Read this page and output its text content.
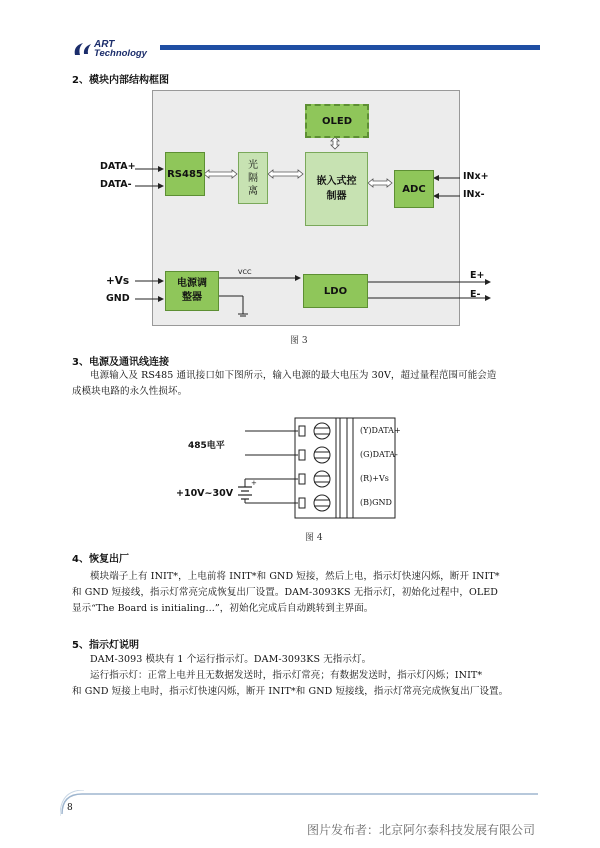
ART
Technology
2、模块内部结构框图
DATA+
DATA-
RS485
光
隔
离
OLED
嵌入式控
制器
ADC
INx+
INx-
+Vs
GND
电源调
整器
VCC
LDO
E+
E-
图 3
3、电源及通讯线连接
电源输入及 RS485 通讯接口如下图所示，输入电源的最大电压为 30V，超过量程范围可能会造
成模块电路的永久性损坏。
+
485电平
+10V~30V
(Y)DATA+
(G)DATA-
(R)+Vs
(B)GND
图 4
4、恢复出厂
模块端子上有 INIT*，上电前将 INIT*和 GND 短接，然后上电，指示灯快速闪烁，断开 INIT*
和 GND 短接线，指示灯常亮完成恢复出厂设置。DAM-3093KS 无指示灯，初始化过程中，OLED
显示“The Board is initialing...”，初始化完成后自动跳转到主界面。
5、指示灯说明
DAM-3093 模块有 1 个运行指示灯。DAM-3093KS 无指示灯。
运行指示灯：正常上电并且无数据发送时，指示灯常亮；有数据发送时，指示灯闪烁；INIT*
和 GND 短接上电时，指示灯快速闪烁，断开 INIT*和 GND 短接线，指示灯常亮完成恢复出厂设置。
8
图片发布者：北京阿尔泰科技发展有限公司
